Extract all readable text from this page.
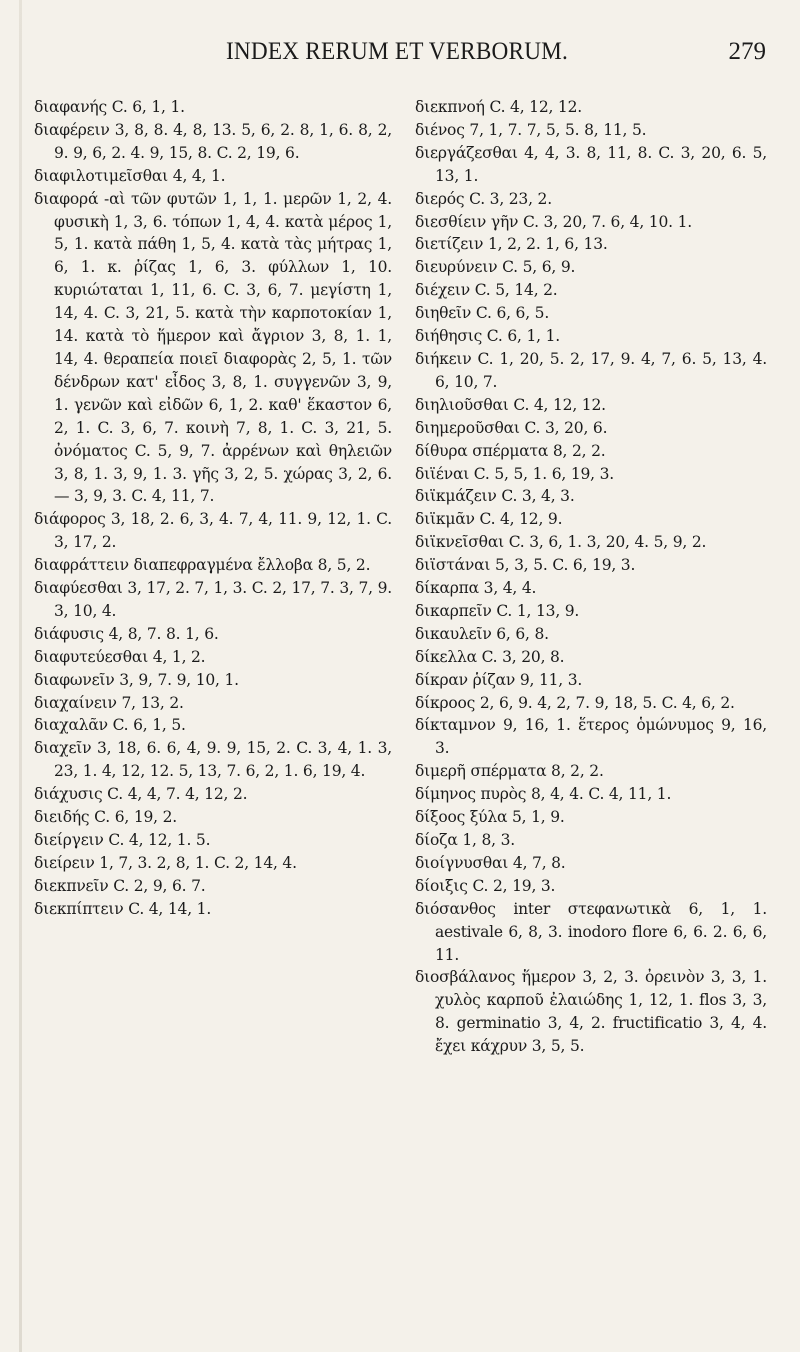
INDEX RERUM ET VERBORUM.	279

διαφανής C. 6, 1, 1.

διαφέρειν 3, 8, 8. 4, 8, 13. 5, 6, 2. 8, 1, 6. 8, 2, 9. 9, 6, 2. 4. 9, 15, 8. C. 2, 19, 6.

διαφιλοτιμεῖσθαι 4, 4, 1.

διαφορά -αὶ τῶν φυτῶν 1, 1, 1. μερῶν 1, 2, 4. φυσικὴ 1, 3, 6. τόπων 1, 4, 4. κατὰ μέρος 1, 5, 1. κατὰ πάθη 1, 5, 4. κατὰ τὰς μήτρας 1, 6, 1. κ. ῥίζας 1, 6, 3. φύλλων 1, 10. κυριώταται 1, 11, 6. C. 3, 6, 7. μεγίστη 1, 14, 4. C. 3, 21, 5. κατὰ τὴν καρποτοκίαν 1, 14. κατὰ τὸ ἥμερον καὶ ἄγριον 3, 8, 1. 1, 14, 4. θεραπεία ποιεῖ διαφορὰς 2, 5, 1. τῶν δένδρων κατ' εἶδος 3, 8, 1. συγγενῶν 3, 9, 1. γενῶν καὶ εἰδῶν 6, 1, 2. καθ' ἕκαστον 6, 2, 1. C. 3, 6, 7. κοινὴ 7, 8, 1. C. 3, 21, 5. ὀνόματος C. 5, 9, 7. ἀρρένων καὶ θηλειῶν 3, 8, 1. 3, 9, 1. 3. γῆς 3, 2, 5. χώρας 3, 2, 6. — 3, 9, 3. C. 4, 11, 7.

διάφορος 3, 18, 2. 6, 3, 4. 7, 4, 11. 9, 12, 1. C. 3, 17, 2.

διαφράττειν διαπεφραγμένα ἔλλοβα 8, 5, 2.

διαφύεσθαι 3, 17, 2. 7, 1, 3. C. 2, 17, 7. 3, 7, 9. 3, 10, 4.

διάφυσις 4, 8, 7. 8. 1, 6.

διαφυτεύεσθαι 4, 1, 2.

διαφωνεῖν 3, 9, 7. 9, 10, 1.

διαχαίνειν 7, 13, 2.

διαχαλᾶν C. 6, 1, 5.

διαχεῖν 3, 18, 6. 6, 4, 9. 9, 15, 2. C. 3, 4, 1. 3, 23, 1. 4, 12, 12. 5, 13, 7. 6, 2, 1. 6, 19, 4.

διάχυσις C. 4, 4, 7. 4, 12, 2.

διειδής C. 6, 19, 2.

διείργειν C. 4, 12, 1. 5.

διείρειν 1, 7, 3. 2, 8, 1. C. 2, 14, 4.

διεκπνεῖν C. 2, 9, 6. 7.

διεκπίπτειν C. 4, 14, 1.

διεκπνοή C. 4, 12, 12.

διένος 7, 1, 7. 7, 5, 5. 8, 11, 5.

διεργάζεσθαι 4, 4, 3. 8, 11, 8. C. 3, 20, 6. 5, 13, 1.

διερός C. 3, 23, 2.

διεσθίειν γῆν C. 3, 20, 7. 6, 4, 10. 1.

διετίζειν 1, 2, 2. 1, 6, 13.

διευρύνειν C. 5, 6, 9.

διέχειν C. 5, 14, 2.

διηθεῖν C. 6, 6, 5.

διήθησις C. 6, 1, 1.

διήκειν C. 1, 20, 5. 2, 17, 9. 4, 7, 6. 5, 13, 4. 6, 10, 7.

διηλιοῦσθαι C. 4, 12, 12.

διημεροῦσθαι C. 3, 20, 6.

δίθυρα σπέρματα 8, 2, 2.

διϊέναι C. 5, 5, 1. 6, 19, 3.

διϊκμάζειν C. 3, 4, 3.

διϊκμᾶν C. 4, 12, 9.

διϊκνεῖσθαι C. 3, 6, 1. 3, 20, 4. 5, 9, 2.

διϊστάναι 5, 3, 5. C. 6, 19, 3.

δίκαρπα 3, 4, 4.

δικαρπεῖν C. 1, 13, 9.

δικαυλεῖν 6, 6, 8.

δίκελλα C. 3, 20, 8.

δίκραν ῥίζαν 9, 11, 3.

δίκροος 2, 6, 9. 4, 2, 7. 9, 18, 5. C. 4, 6, 2.

δίκταμνον 9, 16, 1. ἕτερος ὁμώνυμος 9, 16, 3.

διμερῆ σπέρματα 8, 2, 2.

δίμηνος πυρὸς 8, 4, 4. C. 4, 11, 1.

δίξοος ξύλα 5, 1, 9.

δίοζα 1, 8, 3.

διοίγνυσθαι 4, 7, 8.

δίοιξις C. 2, 19, 3.

διόσανθος inter στεφανωτικὰ 6, 1, 1. aestivale 6, 8, 3. inodoro flore 6, 6. 2. 6, 6, 11.

διοσβάλανος ἥμερον 3, 2, 3. ὀρεινὸν 3, 3, 1. χυλὸς καρποῦ ἐλαιώδης 1, 12, 1. flos 3, 3, 8. germinatio 3, 4, 2. fructificatio 3, 4, 4. ἔχει κάχρυν 3, 5, 5.
